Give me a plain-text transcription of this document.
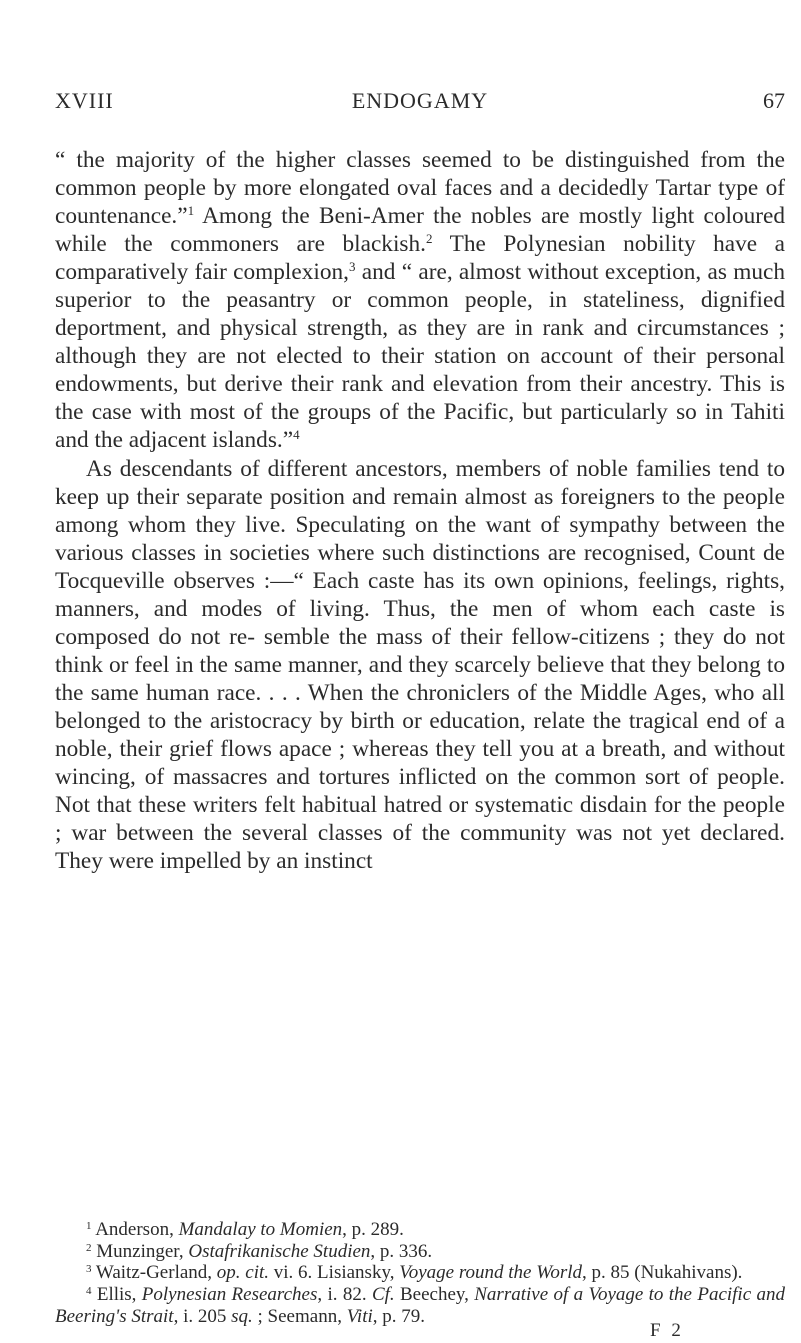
XVIII	ENDOGAMY	67

“ the majority of the higher classes seemed to be distinguished from the common people by more elongated oval faces and a decidedly Tartar type of countenance.”$^1$ Among the Beni-Amer the nobles are mostly light coloured while the commoners are blackish.$^2$ The Polynesian nobility have a comparatively fair complexion,$^3$ and “ are, almost without exception, as much superior to the peasantry or common people, in stateliness, dignified deportment, and physical strength, as they are in rank and circumstances ; although they are not elected to their station on account of their personal endowments, but derive their rank and elevation from their ancestry. This is the case with most of the groups of the Pacific, but particularly so in Tahiti and the adjacent islands.”$^4$

As descendants of different ancestors, members of noble families tend to keep up their separate position and remain almost as foreigners to the people among whom they live. Speculating on the want of sympathy between the various classes in societies where such distinctions are recognised, Count de Tocqueville observes :—“ Each caste has its own opinions, feelings, rights, manners, and modes of living. Thus, the men of whom each caste is composed do not re- semble the mass of their fellow-citizens ; they do not think or feel in the same manner, and they scarcely believe that they belong to the same human race. . . . When the chroniclers of the Middle Ages, who all belonged to the aristocracy by birth or education, relate the tragical end of a noble, their grief flows apace ; whereas they tell you at a breath, and without wincing, of massacres and tortures inflicted on the common sort of people. Not that these writers felt habitual hatred or systematic disdain for the people ; war between the several classes of the community was not yet declared. They were impelled by an instinct

$^1$ Anderson, Mandalay to Momien, p. 289.

$^2$ Munzinger, Ostafrikanische Studien, p. 336.

$^3$ Waitz-Gerland, op. cit. vi. 6. Lisiansky, Voyage round the World, p. 85 (Nukahivans).

$^4$ Ellis, Polynesian Researches, i. 82. Cf. Beechey, Narrative of a Voyage to the Pacific and Beering's Strait, i. 205 sq. ; Seemann, Viti, p. 79.

F 2
